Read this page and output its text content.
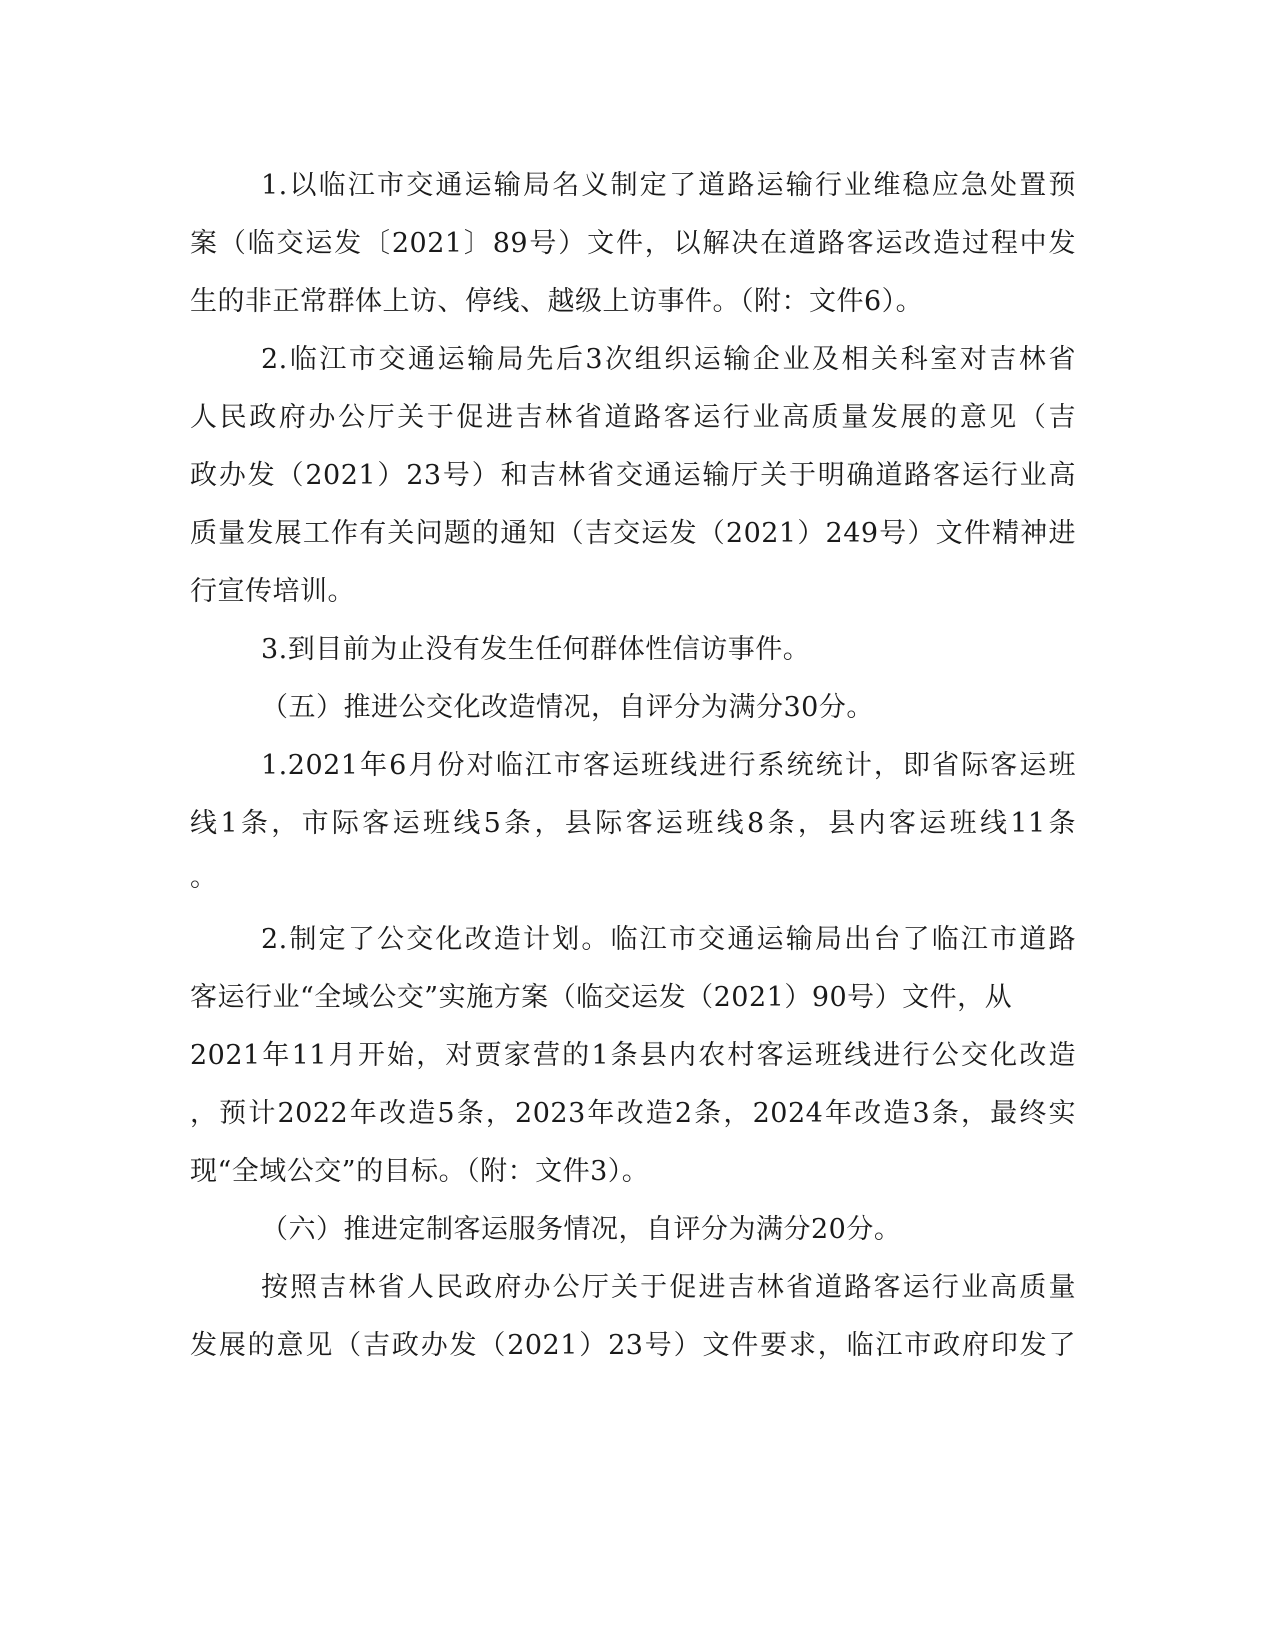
1.以临江市交通运输局名义制定了道路运输行业维稳应急处置预

案（临交运发〔2021〕89号）文件，以解决在道路客运改造过程中发

生的非正常群体上访、停线、越级上访事件。（附：文件6）。

2.临江市交通运输局先后3次组织运输企业及相关科室对吉林省

人民政府办公厅关于促进吉林省道路客运行业高质量发展的意见（吉

政办发（2021）23号）和吉林省交通运输厅关于明确道路客运行业高

质量发展工作有关问题的通知（吉交运发（2021）249号）文件精神进

行宣传培训。

3.到目前为止没有发生任何群体性信访事件。

（五）推进公交化改造情况，自评分为满分30分。

1.2021年6月份对临江市客运班线进行系统统计，即省际客运班

线1条，市际客运班线5条，县际客运班线8条，县内客运班线11条

。

2.制定了公交化改造计划。临江市交通运输局出台了临江市道路

客运行业“全域公交”实施方案（临交运发（2021）90号）文件，从

2021年11月开始，对贾家营的1条县内农村客运班线进行公交化改造

，预计2022年改造5条，2023年改造2条，2024年改造3条，最终实

现“全域公交”的目标。（附：文件3）。

（六）推进定制客运服务情况，自评分为满分20分。

按照吉林省人民政府办公厅关于促进吉林省道路客运行业高质量

发展的意见（吉政办发（2021）23号）文件要求，临江市政府印发了
